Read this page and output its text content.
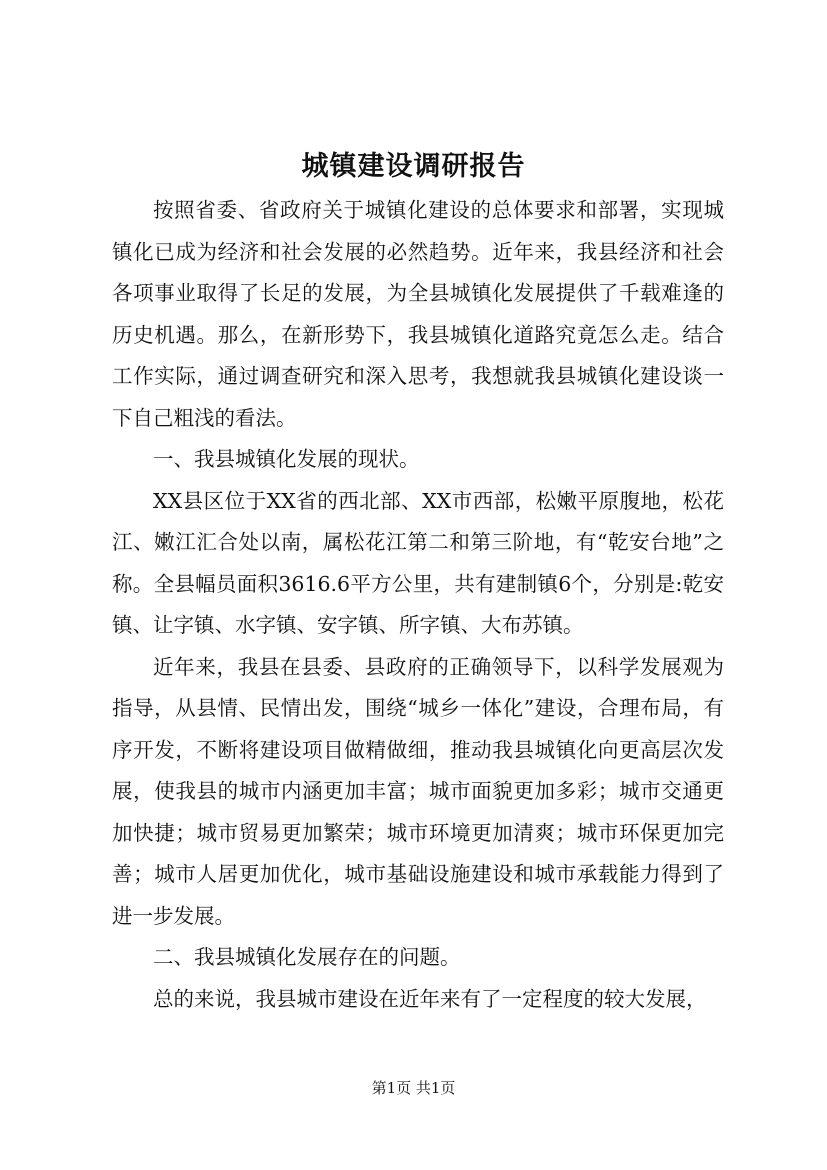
城镇建设调研报告

按照省委、省政府关于城镇化建设的总体要求和部署，实现城镇化已成为经济和社会发展的必然趋势。近年来，我县经济和社会各项事业取得了长足的发展，为全县城镇化发展提供了千载难逢的历史机遇。那么，在新形势下，我县城镇化道路究竟怎么走。结合工作实际，通过调查研究和深入思考，我想就我县城镇化建设谈一下自己粗浅的看法。

一、我县城镇化发展的现状。

XX县区位于XX省的西北部、XX市西部，松嫩平原腹地，松花江、嫩江汇合处以南，属松花江第二和第三阶地，有“乾安台地”之称。全县幅员面积3616.6平方公里，共有建制镇6个，分别是:乾安镇、让字镇、水字镇、安字镇、所字镇、大布苏镇。

近年来，我县在县委、县政府的正确领导下，以科学发展观为指导，从县情、民情出发，围绕“城乡一体化”建设，合理布局，有序开发，不断将建设项目做精做细，推动我县城镇化向更高层次发展，使我县的城市内涵更加丰富；城市面貌更加多彩；城市交通更加快捷；城市贸易更加繁荣；城市环境更加清爽；城市环保更加完善；城市人居更加优化，城市基础设施建设和城市承载能力得到了进一步发展。

二、我县城镇化发展存在的问题。

总的来说，我县城市建设在近年来有了一定程度的较大发展，

第1页 共1页
